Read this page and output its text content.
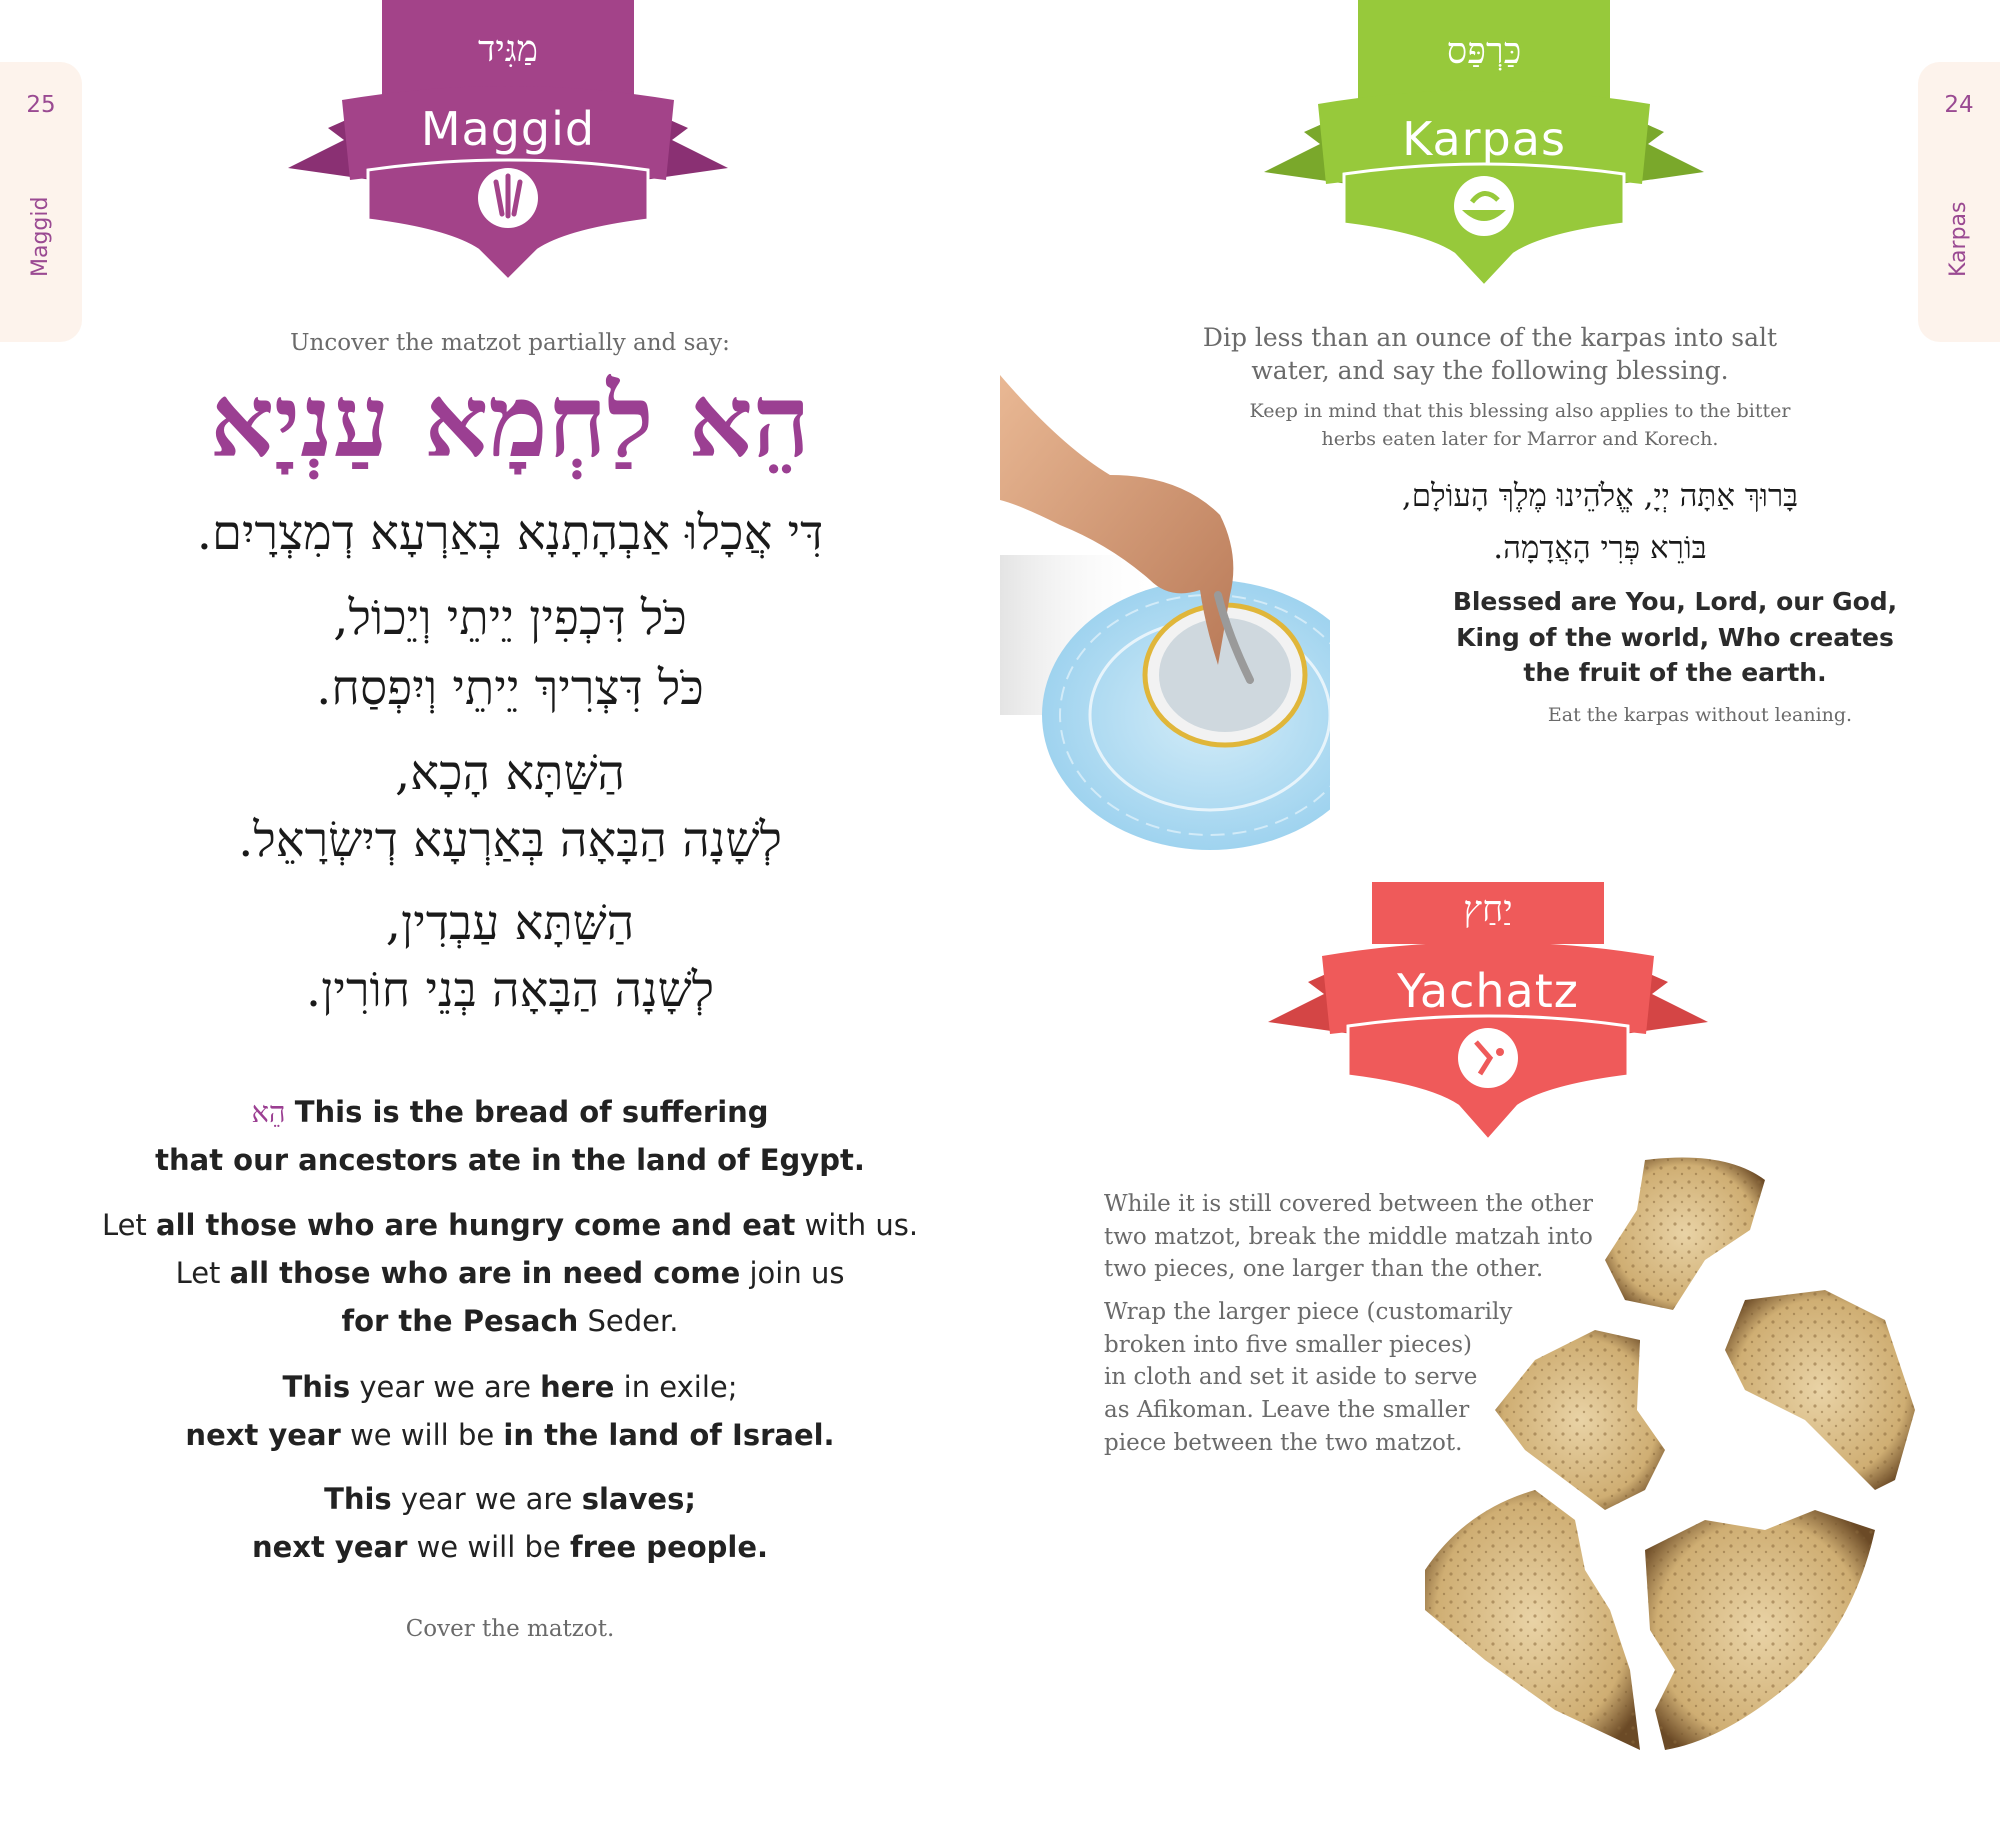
25
Maggid
24
Karpas
מַגִּיד
Maggid
Uncover the matzot partially and say:
הֵא לַחְמָא עַנְיָא
דִּי אֲכָלוּ אַבְהָתָנָא בְּאַרְעָא דְמִצְרָיִם.
כֹּל דִּכְפִין יֵיתֵי וְיֵכוֹל,
כֹּל דִּצְרִיךְ יֵיתֵי וְיִפְסַח.
הַשַּׁתָּא הָכָא,
לְשָׁנָה הַבָּאָה בְּאַרְעָא דְיִשְׂרָאֵל.
הַשַּׁתָּא עַבְדִין,
לְשָׁנָה הַבָּאָה בְּנֵי חוֹרִין.
הֵא This is the bread of suffering
that our ancestors ate in the land of Egypt.
Let all those who are hungry come and eat with us.
Let all those who are in need come join us
for the Pesach Seder.
This year we are here in exile;
next year we will be in the land of Israel.
This year we are slaves;
next year we will be free people.
Cover the matzot.
כַּרְפַּס
Karpas
Dip less than an ounce of the karpas into salt
water, and say the following blessing.
Keep in mind that this blessing also applies to the bitter
herbs eaten later for Marror and Korech.
בָּרוּךְ אַתָּה יְיָ, אֱלֹהֵינוּ מֶלֶךְ הָעוֹלָם,
בּוֹרֵא פְּרִי הָאֲדָמָה.
Blessed are You, Lord, our God,
King of the world, Who creates
the fruit of the earth.
Eat the karpas without leaning.
יַחַץ
Yachatz
While it is still covered between the other
two matzot, break the middle matzah into
two pieces, one larger than the other.
Wrap the larger piece (customarily
broken into five smaller pieces)
in cloth and set it aside to serve
as Afikoman. Leave the smaller
piece between the two matzot.
